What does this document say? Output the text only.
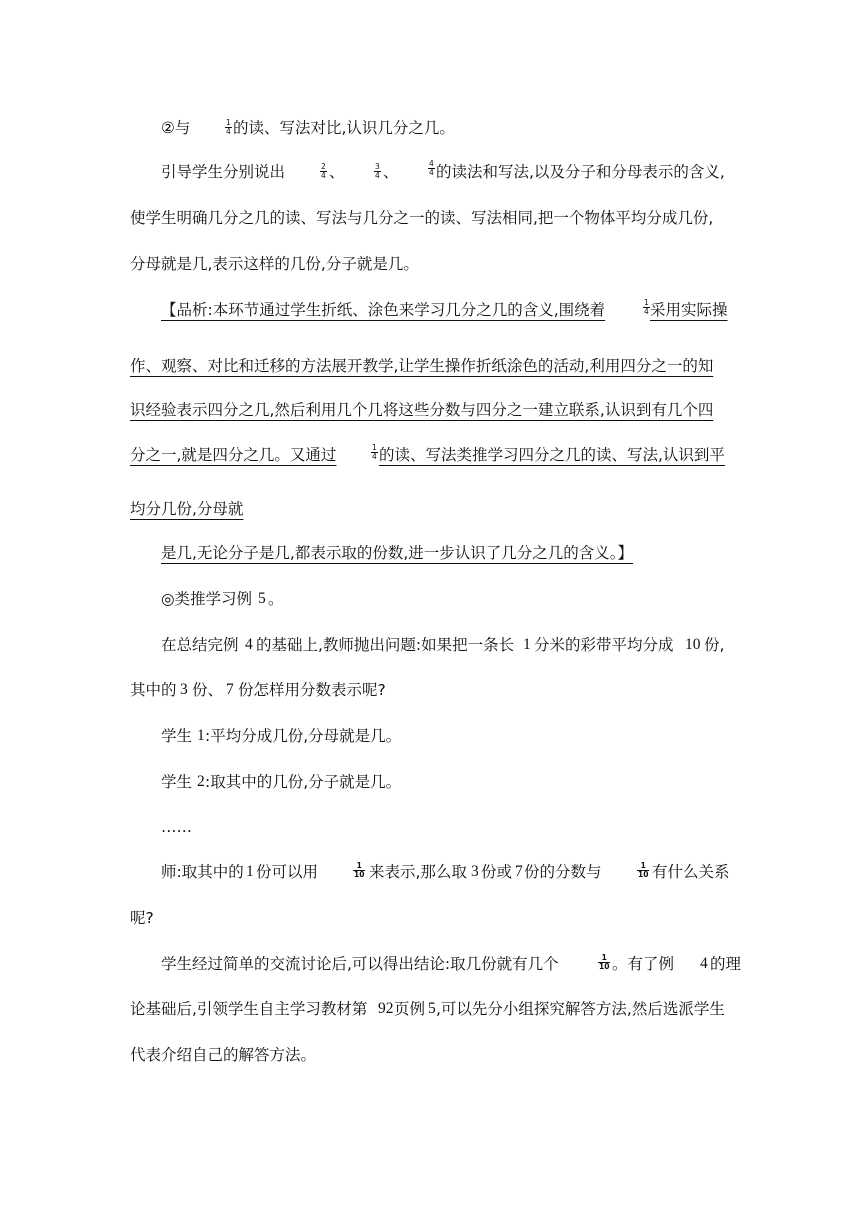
②与	$\frac{1}{4}$ 的读、写法对比,认识几分之几。
引导学生分别说出	$\frac{2}{4}$ 、	$\frac{3}{4}$ 、	$\frac{4}{4}$ 的读法和写法,以及分子和分母表示的含义,
使学生明确几分之几的读、写法与几分之一的读、写法相同,把一个物体平均分成几份,
分母就是几,表示这样的几份,分子就是几。
【品析:本环节通过学生折纸、涂色来学习几分之几的含义,围绕着	$\frac{1}{4}$ 采用实际操
作、观察、对比和迁移的方法展开教学,让学生操作折纸涂色的活动,利用四分之一的知
识经验表示四分之几,然后利用几个几将这些分数与四分之一建立联系,认识到有几个四
分之一,就是四分之几。又通过	$\frac{1}{4}$ 的读、写法类推学习四分之几的读、写法,认识到平
均分几份,分母就
是几,无论分子是几,都表示取的份数,进一步认识了几分之几的含义。】
◎类推学习例 5 。
在总结完例 4 的基础上,教师抛出问题:如果把一条长 1 分米的彩带平均分成 10 份,
其中的 3 份、 7 份怎样用分数表示呢?
学生 1 :平均分成几份,分母就是几。
学生 2 :取其中的几份,分子就是几。
……
师:取其中的 1 份可以用	$\frac{1}{10}$ 来表示,那么取 3 份或 7 份的分数与	$\frac{1}{10}$ 有什么关系
呢?
学生经过简单的交流讨论后,可以得出结论:取几份就有几个	$\frac{1}{10}$ 。有了例 4 的理
论基础后,引领学生自主学习教材第 92 页例 5 ,可以先分小组探究解答方法,然后选派学生
代表介绍自己的解答方法。
